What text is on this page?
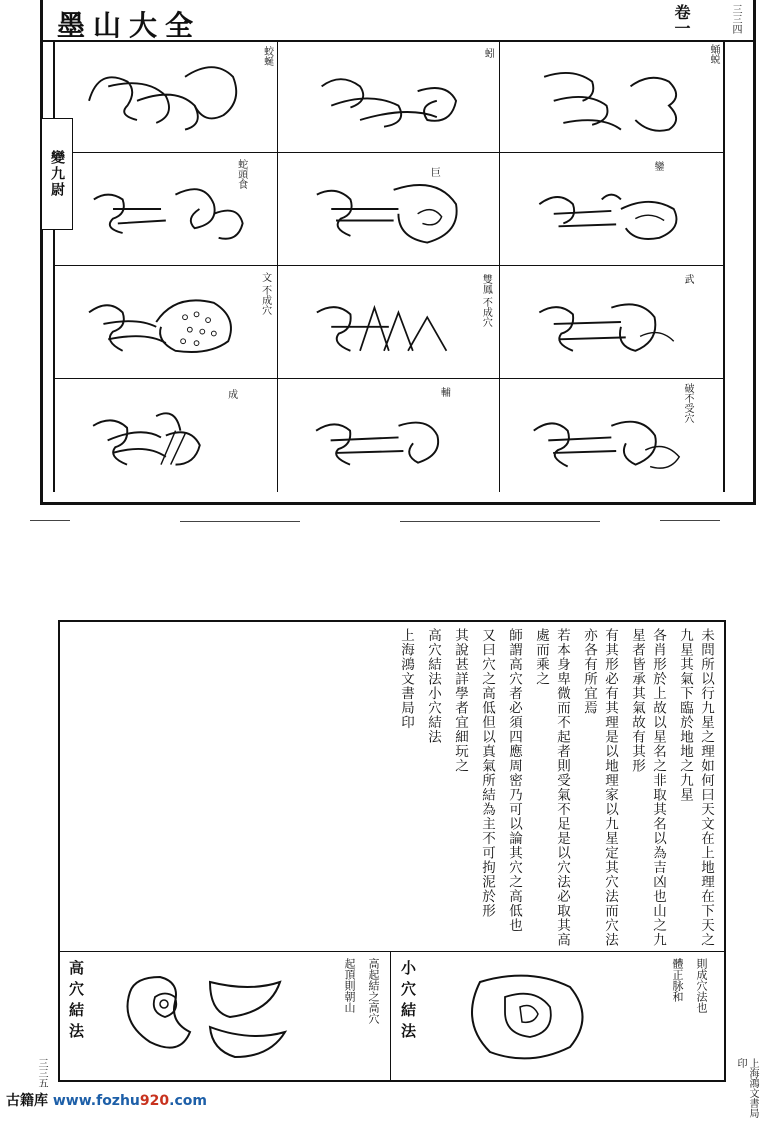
墨山大全	卷一	三三四
變九尉
蛟蜒	蚓	蛹蜕
蛇頭食	巨
鑾
文 不成穴	雙鳳 不成穴	武
成	輔	破不受穴

未問所以行九星之理如何曰天文在上地理在下天之九星其氣下臨於地地之九星

各肖形於上故以星名之非取其名以為吉凶也山之九星者皆承其氣故有其形

有其形必有其理是以地理家以九星定其穴法而穴法亦各有所宜焉

若本身卑微而不起者則受氣不足是以穴法必取其高處而乘之

師謂高穴者必須四應周密乃可以論其穴之高低也

又曰穴之高低但以真氣所結為主不可拘泥於形

其說甚詳學者宜細玩之

高穴結法小穴結法

上海鴻文書局印

高穴結法	起頂則朝山 高起結之高穴 小穴結法	體正脉和 則成穴法也
三三五	上海鴻文書局印
古籍库 www.fozhu920.com
